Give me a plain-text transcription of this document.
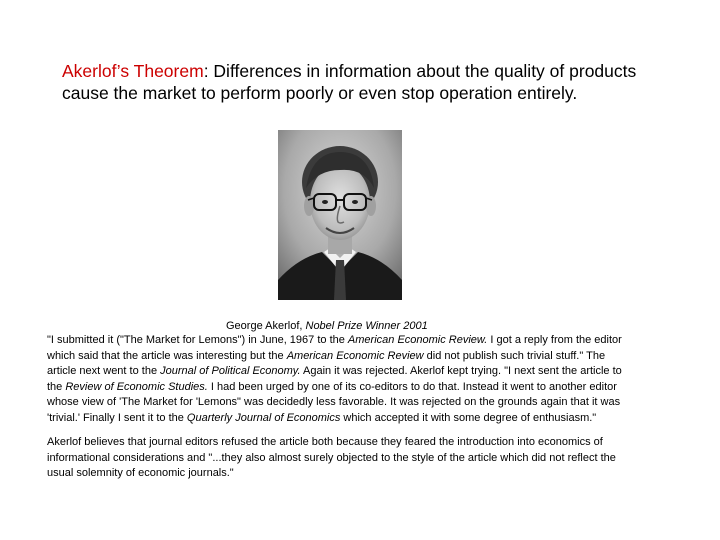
Akerlof’s Theorem: Differences in information about the quality of products
cause the market to perform poorly or even stop operation entirely.
George Akerlof, Nobel Prize Winner 2001
"I submitted it ("The Market for Lemons") in June, 1967 to the American Economic Review. I got a reply from the editor
which said that the article was interesting but the American Economic Review did not publish such trivial stuff." The
article next went to the Journal of Political Economy. Again it was rejected. Akerlof kept trying. "I next sent the article to
the Review of Economic Studies. I had been urged by one of its co-editors to do that. Instead it went to another editor
whose view of 'The Market for 'Lemons" was decidedly less favorable. It was rejected on the grounds again that it was
'trivial.' Finally I sent it to the Quarterly Journal of Economics which accepted it with some degree of enthusiasm."
Akerlof believes that journal editors refused the article both because they feared the introduction into economics of
informational considerations and "...they also almost surely objected to the style of the article which did not reflect the
usual solemnity of economic journals."
